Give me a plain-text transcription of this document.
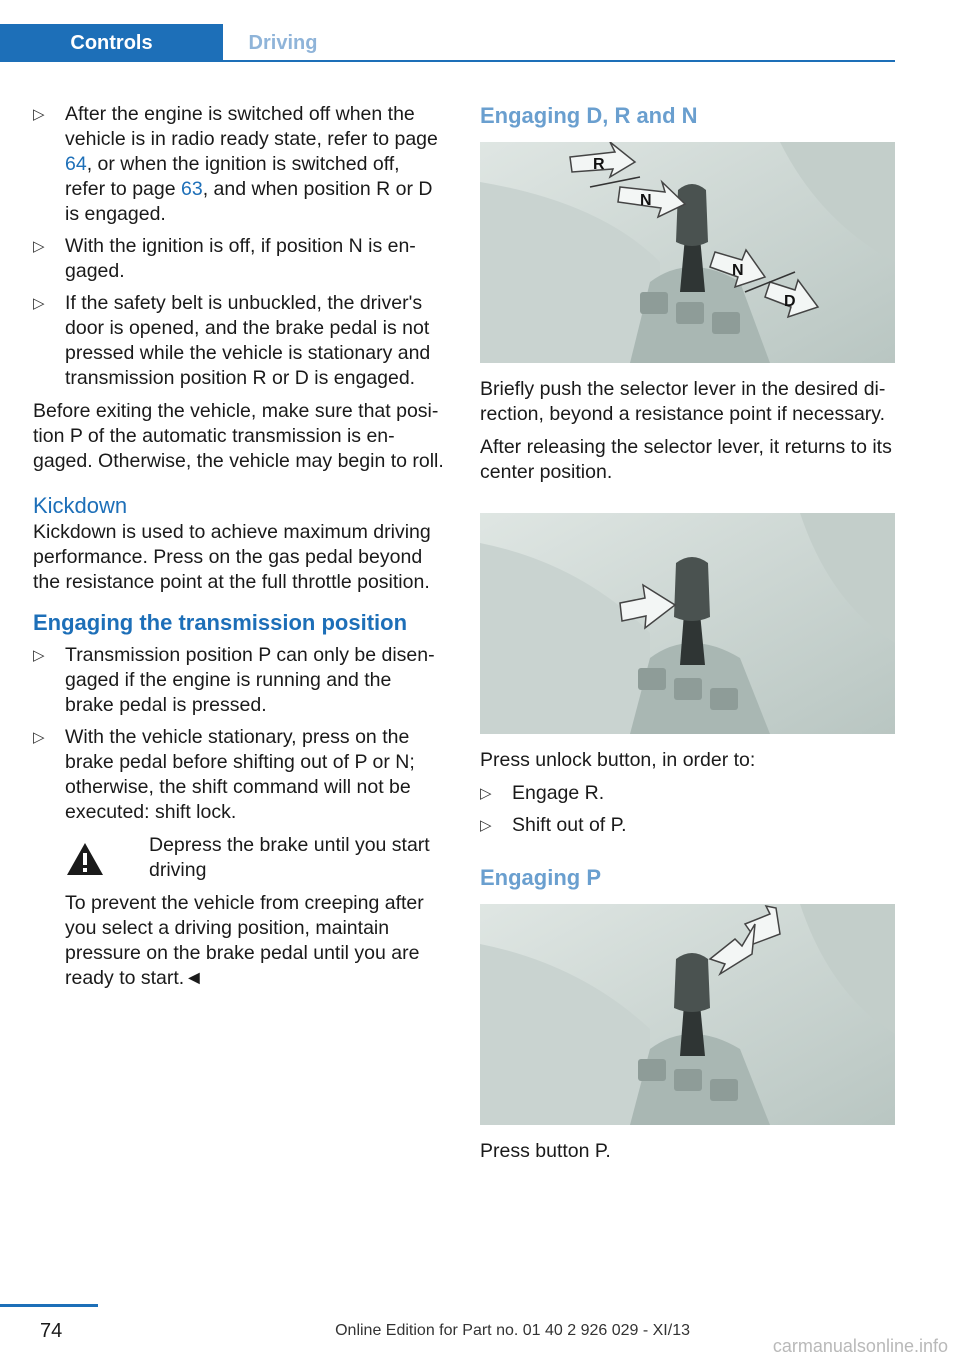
Controls	Driving
▷ After the engine is switched off when the vehicle is in radio ready state, refer to page 64, or when the ignition is switched off, refer to page 63, and when position R or D is engaged.
▷ With the ignition is off, if position N is en‐gaged.
▷ If the safety belt is unbuckled, the driver's door is opened, and the brake pedal is not pressed while the vehicle is stationary and transmission position R or D is engaged.

Before exiting the vehicle, make sure that posi‐tion P of the automatic transmission is en‐gaged. Otherwise, the vehicle may begin to roll.

Kickdown

Kickdown is used to achieve maximum driving performance. Press on the gas pedal beyond the resistance point at the full throttle position.

Engaging the transmission position
▷ Transmission position P can only be disen‐gaged if the engine is running and the brake pedal is pressed.
▷ With the vehicle stationary, press on the brake pedal before shifting out of P or N; otherwise, the shift command will not be executed: shift lock.
Depress the brake until you start driving
To prevent the vehicle from creeping after you select a driving position, maintain pressure on the brake pedal until you are ready to start.◄
Engaging D, R and N
R
N
N
D

Briefly push the selector lever in the desired di‐rection, beyond a resistance point if necessary.

After releasing the selector lever, it returns to its center position.

Press unlock button, in order to:

▷ Engage R.
▷ Shift out of P.
Engaging P

Press button P.

74	Online Edition for Part no. 01 40 2 926 029 - XI/13
carmanualsonline.info
